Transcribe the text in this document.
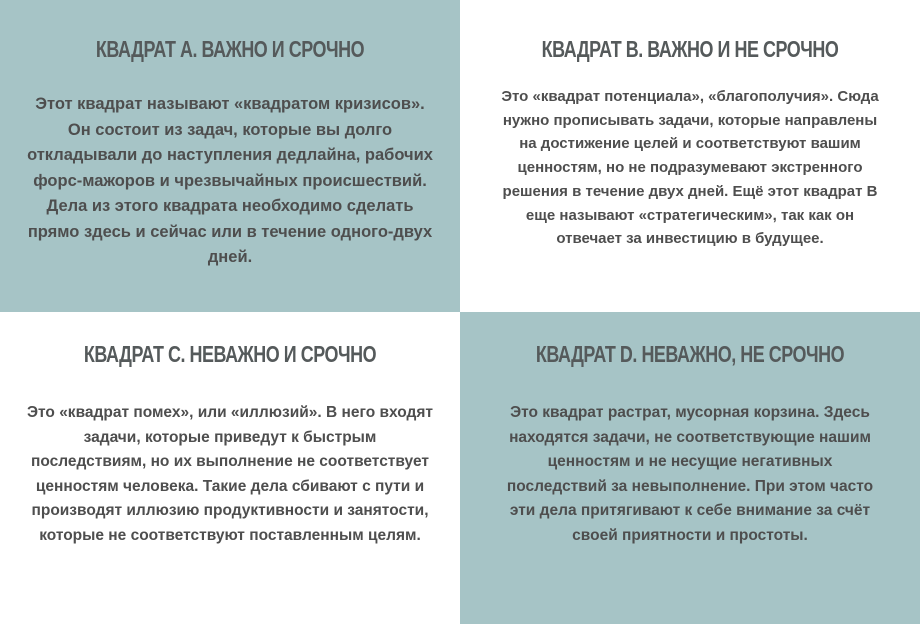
КВАДРАТ А. ВАЖНО И СРОЧНО

Этот квадрат называют «квадратом кризисов». Он состоит из задач, которые вы долго откладывали до наступления дедлайна, рабочих форс-мажоров и чрезвычайных происшествий. Дела из этого квадрата необходимо сделать прямо здесь и сейчас или в течение одного-двух дней.

КВАДРАТ В. ВАЖНО И НЕ СРОЧНО

Это «квадрат потенциала», «благополучия». Сюда нужно прописывать задачи, которые направлены на достижение целей и соответствуют вашим ценностям, но не подразумевают экстренного решения в течение двух дней. Ещё этот квадрат В еще называют «стратегическим», так как он отвечает за инвестицию в будущее.

КВАДРАТ С. НЕВАЖНО И СРОЧНО

Это «квадрат помех», или «иллюзий». В него входят задачи, которые приведут к быстрым последствиям, но их выполнение не соответствует ценностям человека. Такие дела сбивают с пути и производят иллюзию продуктивности и занятости, которые не соответствуют поставленным целям.

КВАДРАТ D. НЕВАЖНО, НЕ СРОЧНО

Это квадрат растрат, мусорная корзина. Здесь находятся задачи, не соответствующие нашим ценностям и не несущие негативных последствий за невыполнение. При этом часто эти дела притягивают к себе внимание за счёт своей приятности и простоты.
